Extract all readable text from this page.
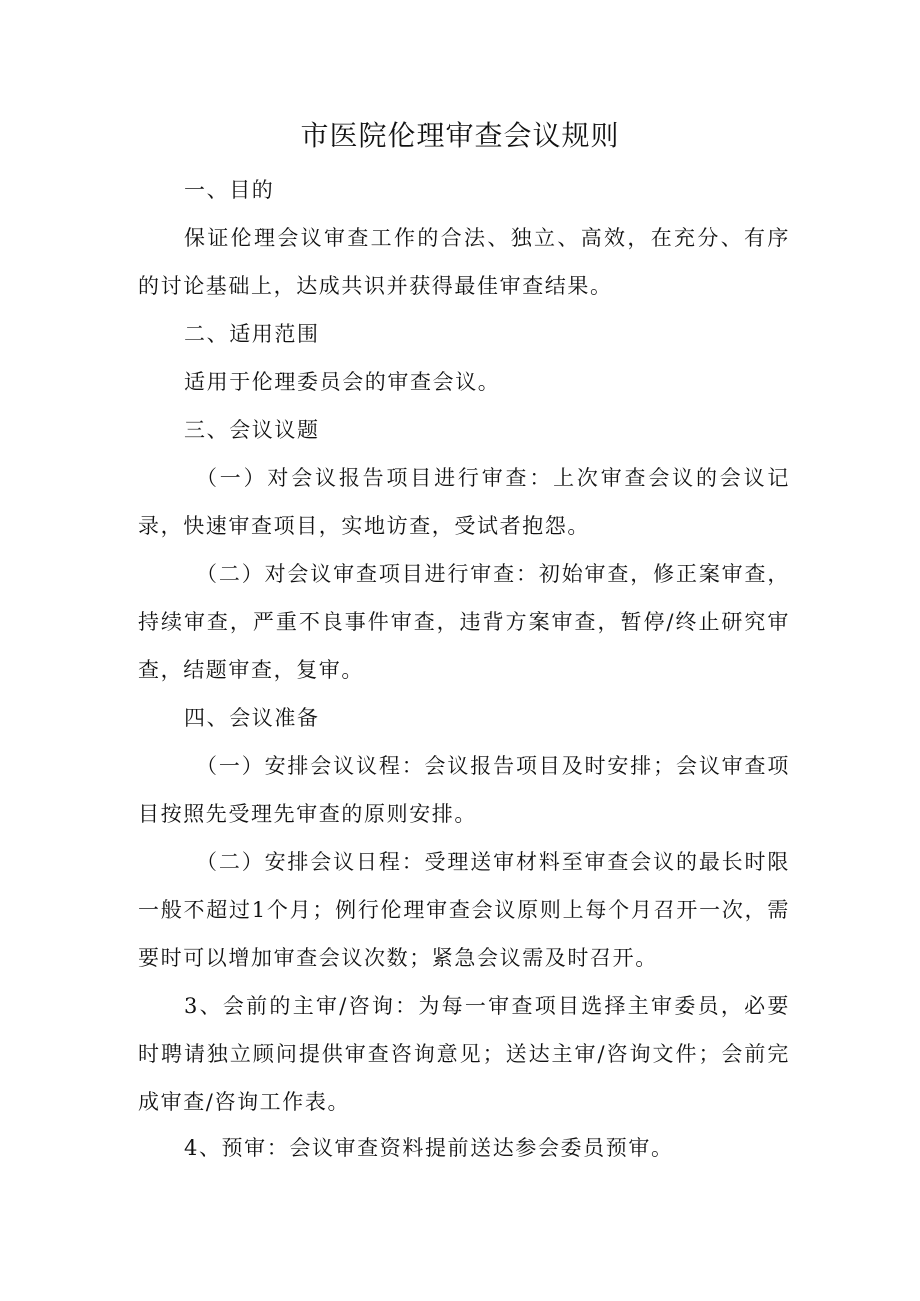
市医院伦理审查会议规则

一、目的

保证伦理会议审查工作的合法、独立、高效，在充分、有序的讨论基础上，达成共识并获得最佳审查结果。

二、适用范围

适用于伦理委员会的审查会议。

三、会议议题

（一）对会议报告项目进行审查：上次审查会议的会议记录，快速审查项目，实地访查，受试者抱怨。

（二）对会议审查项目进行审查：初始审查，修正案审查，持续审查，严重不良事件审查，违背方案审查，暂停/终止研究审查，结题审查，复审。

四、会议准备

（一）安排会议议程：会议报告项目及时安排；会议审查项目按照先受理先审查的原则安排。

（二）安排会议日程：受理送审材料至审查会议的最长时限一般不超过1个月；例行伦理审查会议原则上每个月召开一次，需要时可以增加审查会议次数；紧急会议需及时召开。

3、会前的主审/咨询：为每一审查项目选择主审委员，必要时聘请独立顾问提供审查咨询意见；送达主审/咨询文件；会前完成审查/咨询工作表。

4、预审：会议审查资料提前送达参会委员预审。
